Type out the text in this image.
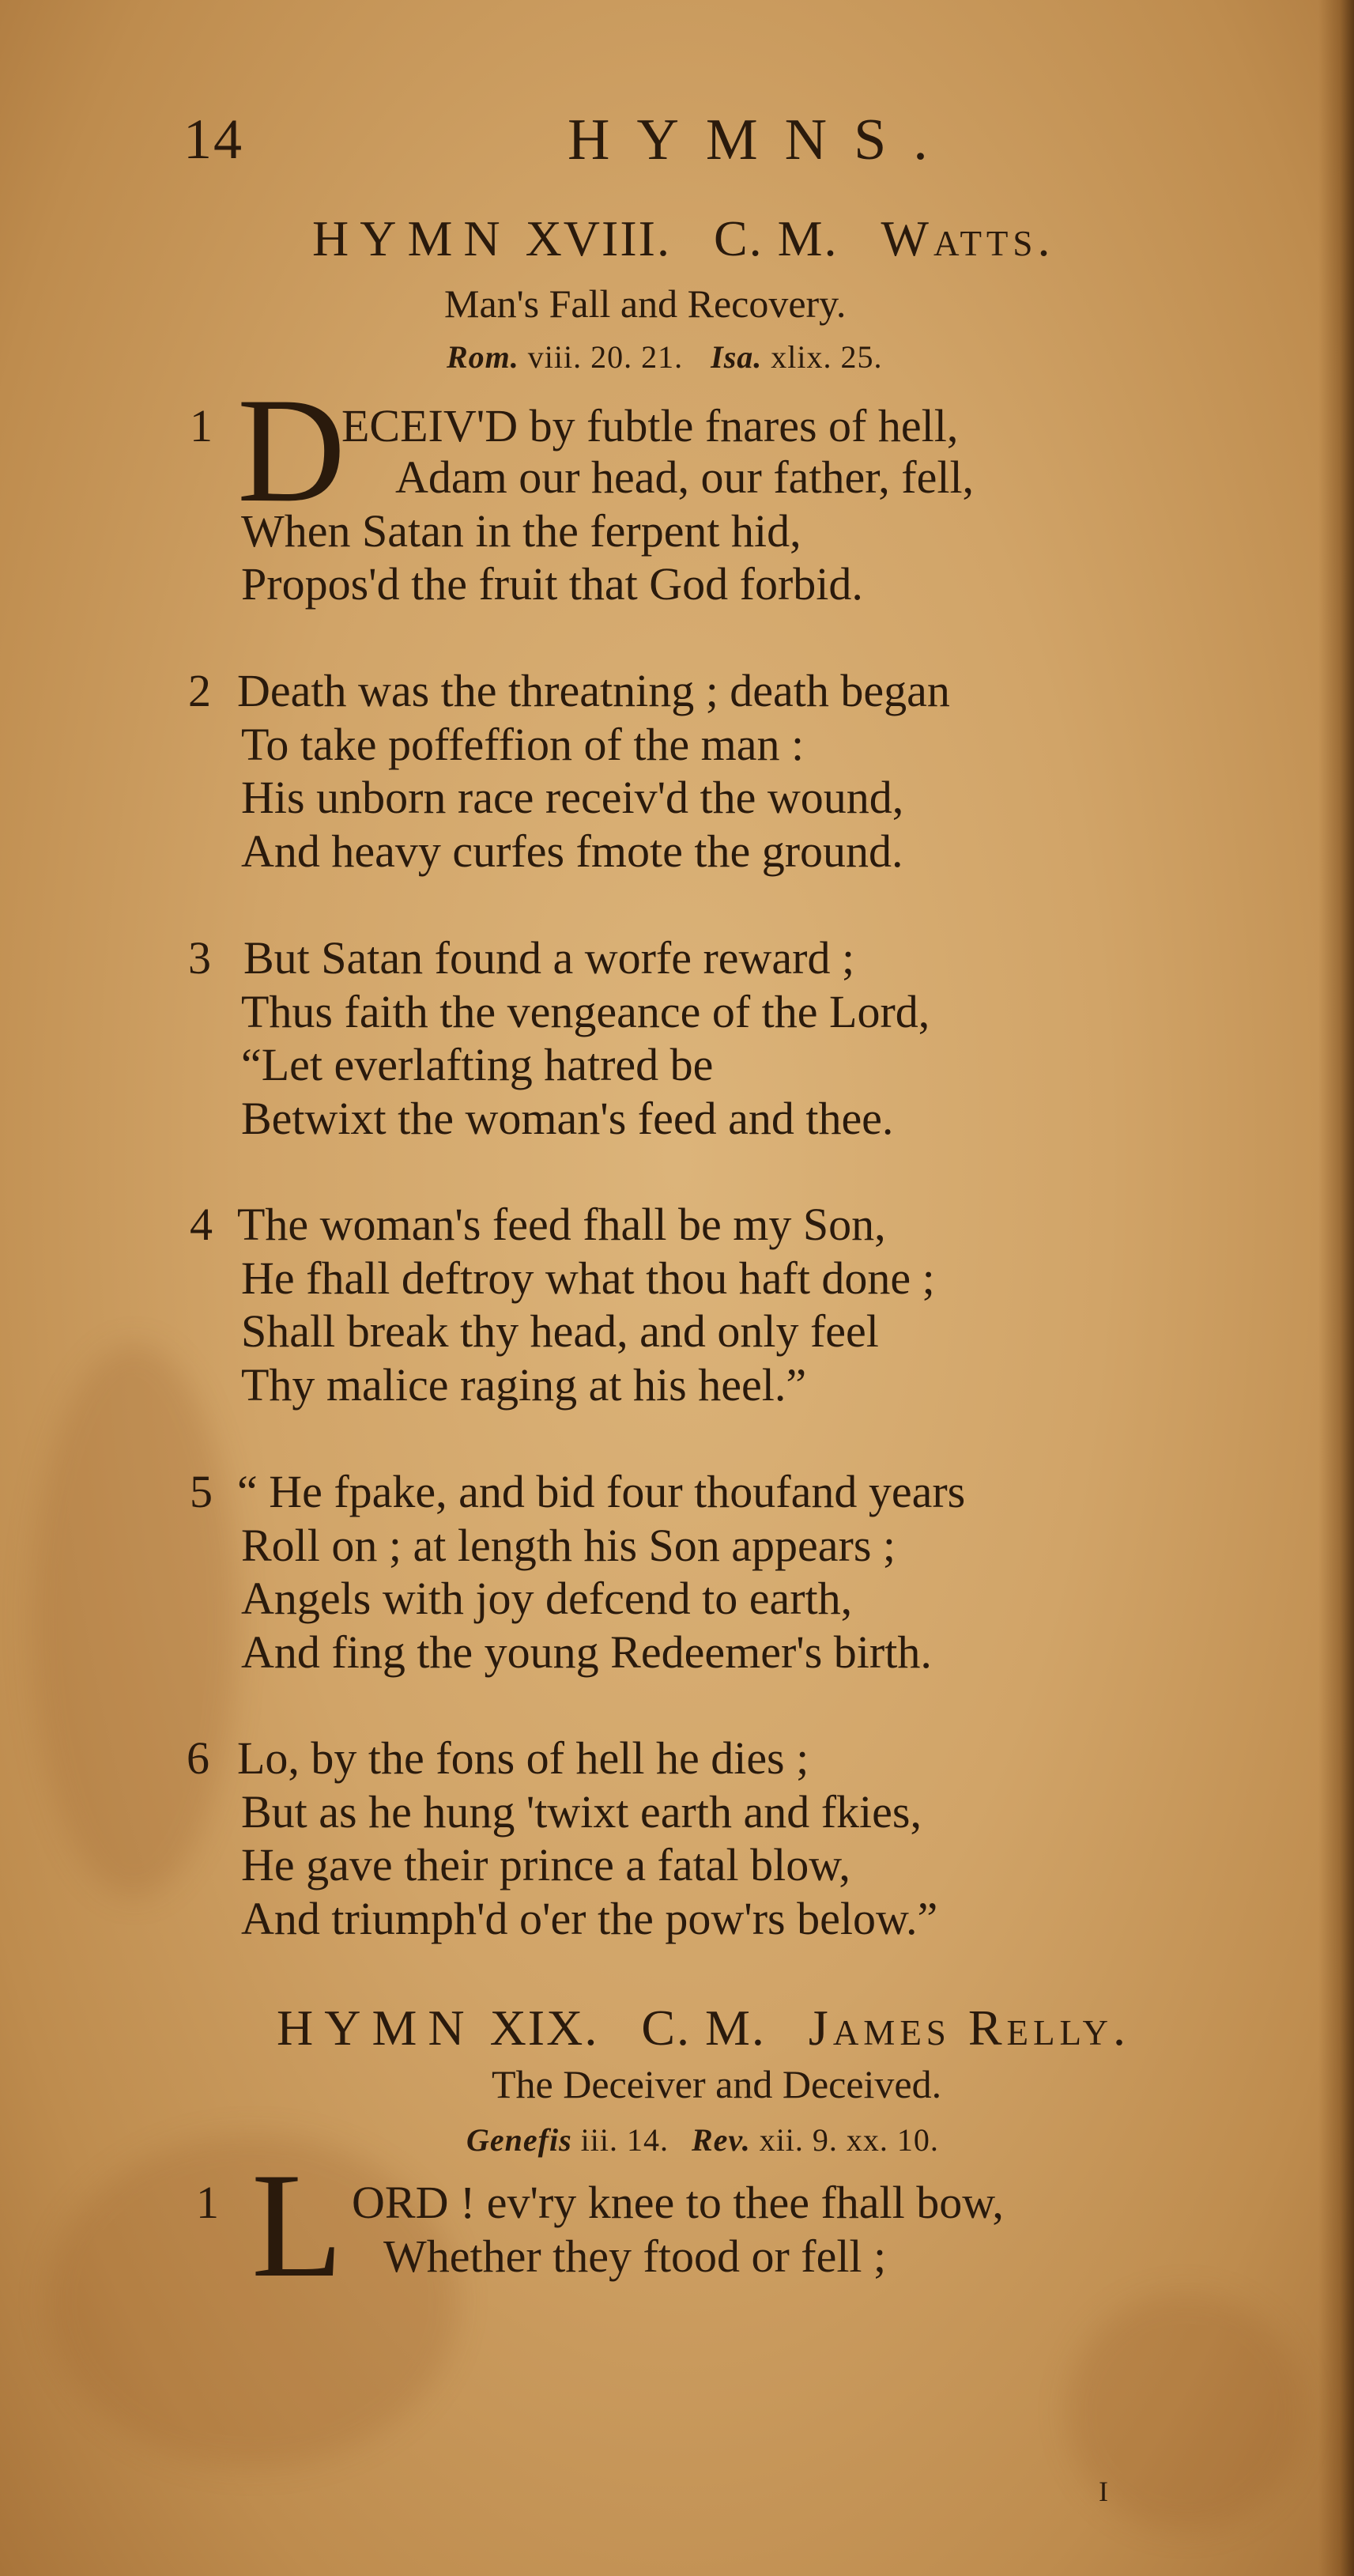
14	HYMNS.
HYMN XVIII. C. M. Watts.
Man's Fall and Recovery.
Rom. viii. 20. 21. Isa. xlix. 25.
1 D
ECEIV'D by fubtle fnares of hell,
Adam our head, our father, fell,
When Satan in the ferpent hid,
Propos'd the fruit that God forbid.
2 Death was the threatning ; death began
To take poffeffion of the man :
His unborn race receiv'd the wound,
And heavy curfes fmote the ground.
3 But Satan found a worfe reward ;
Thus faith the vengeance of the Lord,
“Let everlafting hatred be
Betwixt the woman's feed and thee.
4 The woman's feed fhall be my Son,
He fhall deftroy what thou haft done ;
Shall break thy head, and only feel
Thy malice raging at his heel.”
5 “ He fpake, and bid four thoufand years
Roll on ; at length his Son appears ;
Angels with joy defcend to earth,
And fing the young Redeemer's birth.
6 Lo, by the fons of hell he dies ;
But as he hung 'twixt earth and fkies,
He gave their prince a fatal blow,
And triumph'd o'er the pow'rs below.”
HYMN XIX. C. M. James Relly.
The Deceiver and Deceived.
Genefis iii. 14. Rev. xii. 9. xx. 10.
1 L ORD ! ev'ry knee to thee fhall bow,
Whether they ftood or fell ;
I
